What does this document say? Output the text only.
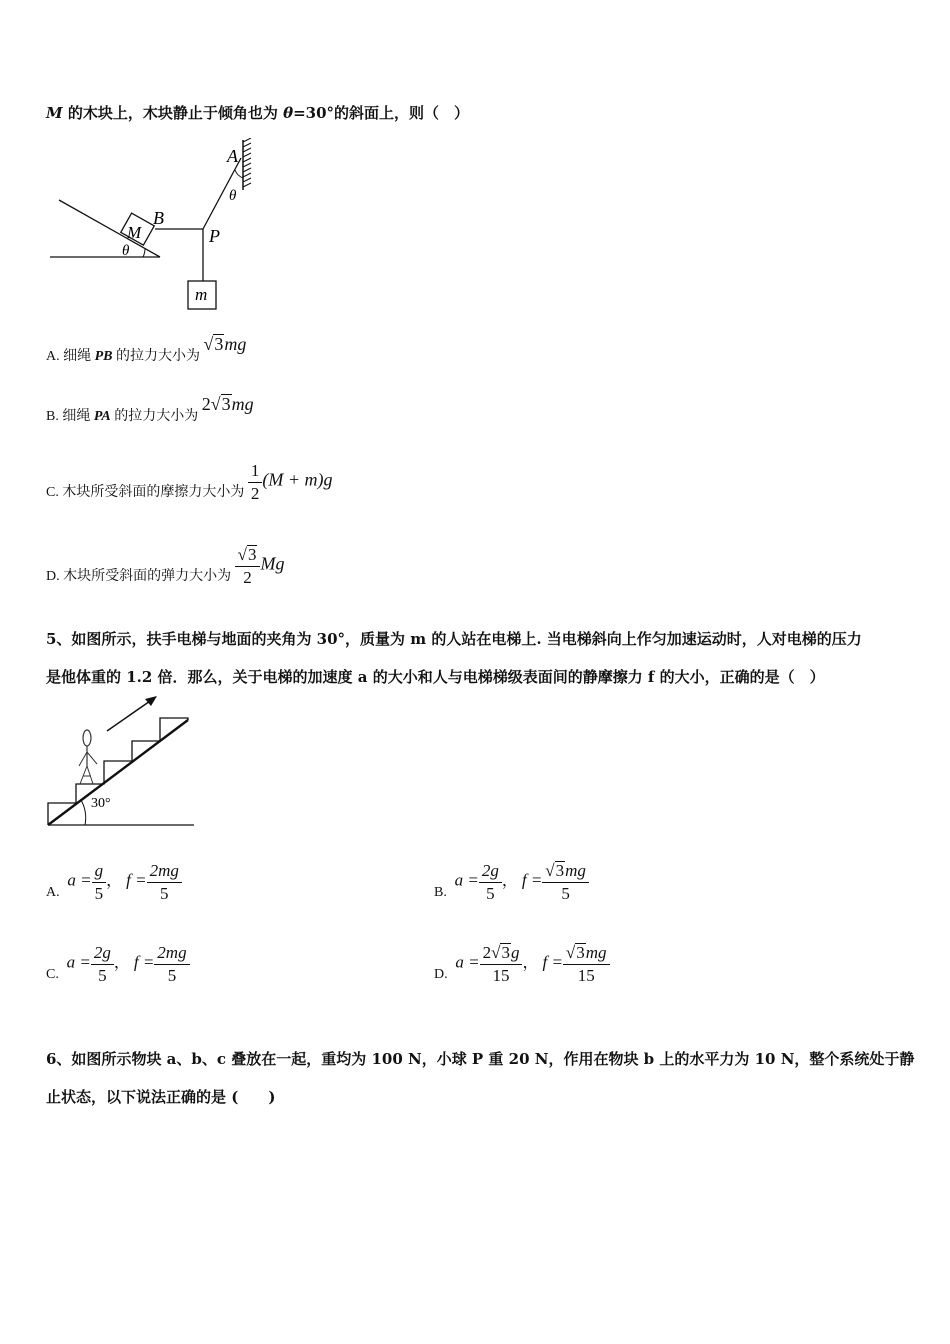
M 的木块上，木块静止于倾角也为 θ=30°的斜面上，则（　）
M
θ
B
P
A
θ
m
A. 细绳 PB 的拉力大小为 √3mg
B. 细绳 PA 的拉力大小为 2√3mg
C. 木块所受斜面的摩擦力大小为 $\frac{1}{2} (M + m)g$
D. 木块所受斜面的弹力大小为 $\frac{√3}{2}$ Mg
5、如图所示，扶手电梯与地面的夹角为 30°，质量为 m 的人站在电梯上. 当电梯斜向上作匀加速运动时，人对电梯的压力
是他体重的 1.2 倍．那么，关于电梯的加速度 a 的大小和人与电梯梯级表面间的静摩擦力 f 的大小，正确的是（　）
30°
A.  $a = \frac{g}{5}$ ， $f = \frac{2mg}{5}$	B.  $a = \frac{2g}{5}$ ， $f = \frac{√3mg}{5}$
C.  $a = \frac{2g}{5}$ ， $f = \frac{2mg}{5}$	D.  $a = \frac{2√3g}{15}$ ， $f = \frac{√3mg}{15}$
6、如图所示物块 a、b、c 叠放在一起，重均为 100 N，小球 P 重 20 N，作用在物块 b 上的水平力为 10 N，整个系统处于静
止状态，以下说法正确的是 (　　)
